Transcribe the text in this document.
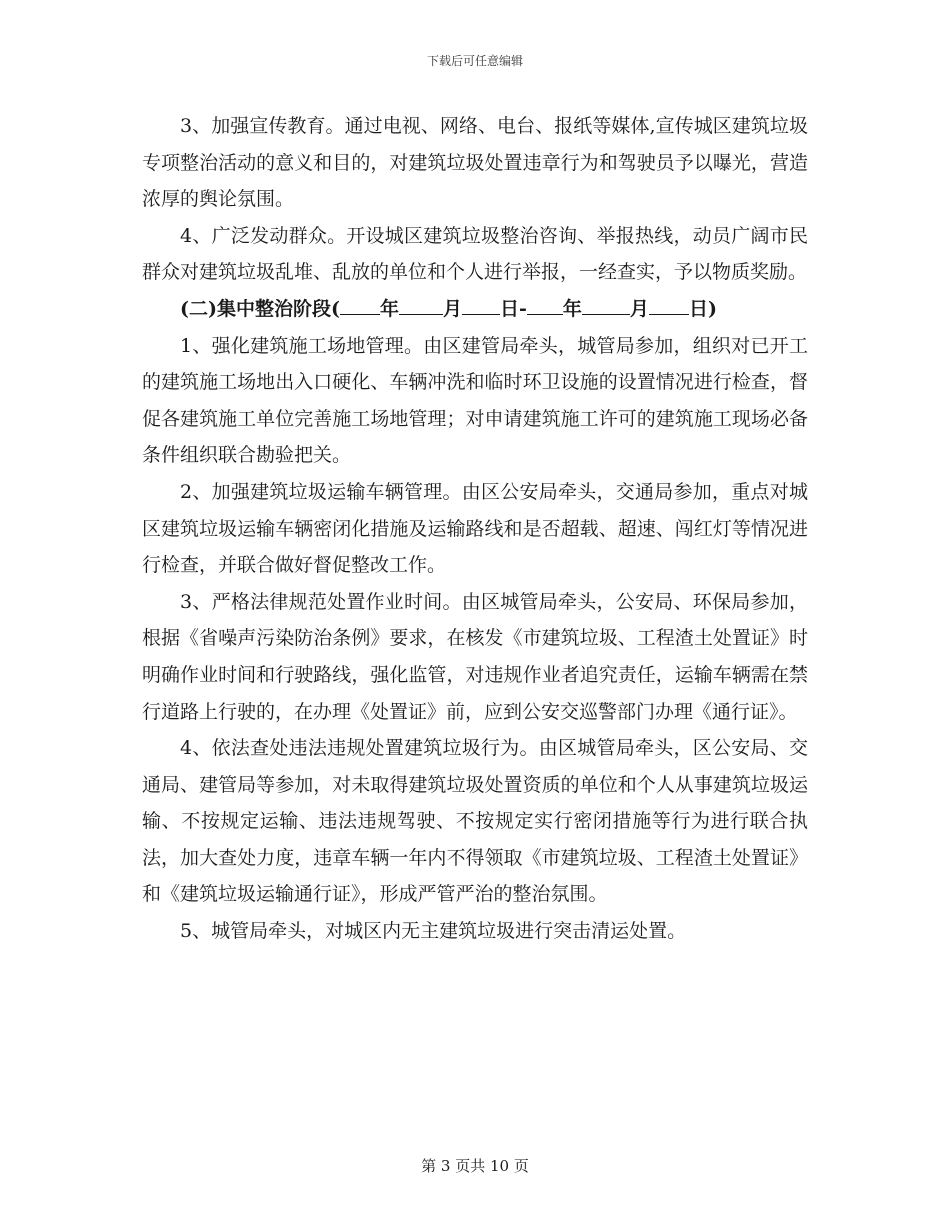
下载后可任意编辑

3、加强宣传教育。通过电视、网络、电台、报纸等媒体,宣传城区建筑垃圾专项整治活动的意义和目的，对建筑垃圾处置违章行为和驾驶员予以曝光，营造浓厚的舆论氛围。

4、广泛发动群众。开设城区建筑垃圾整治咨询、举报热线，动员广阔市民群众对建筑垃圾乱堆、乱放的单位和个人进行举报，一经查实，予以物质奖励。

(二)集中整治阶段( 年 月 日- 年	月 日)

1、强化建筑施工场地管理。由区建管局牵头，城管局参加，组织对已开工的建筑施工场地出入口硬化、车辆冲洗和临时环卫设施的设置情况进行检查，督促各建筑施工单位完善施工场地管理；对申请建筑施工许可的建筑施工现场必备条件组织联合勘验把关。

2、加强建筑垃圾运输车辆管理。由区公安局牵头，交通局参加，重点对城区建筑垃圾运输车辆密闭化措施及运输路线和是否超载、超速、闯红灯等情况进行检查，并联合做好督促整改工作。

3、严格法律规范处置作业时间。由区城管局牵头，公安局、环保局参加，根据《省噪声污染防治条例》要求，在核发《市建筑垃圾、工程渣土处置证》时明确作业时间和行驶路线，强化监管，对违规作业者追究责任，运输车辆需在禁行道路上行驶的，在办理《处置证》前，应到公安交巡警部门办理《通行证》。

4、依法查处违法违规处置建筑垃圾行为。由区城管局牵头，区公安局、交通局、建管局等参加，对未取得建筑垃圾处置资质的单位和个人从事建筑垃圾运输、不按规定运输、违法违规驾驶、不按规定实行密闭措施等行为进行联合执法，加大查处力度，违章车辆一年内不得领取《市建筑垃圾、工程渣土处置证》和《建筑垃圾运输通行证》，形成严管严治的整治氛围。

5、城管局牵头，对城区内无主建筑垃圾进行突击清运处置。

第 3 页共 10 页
